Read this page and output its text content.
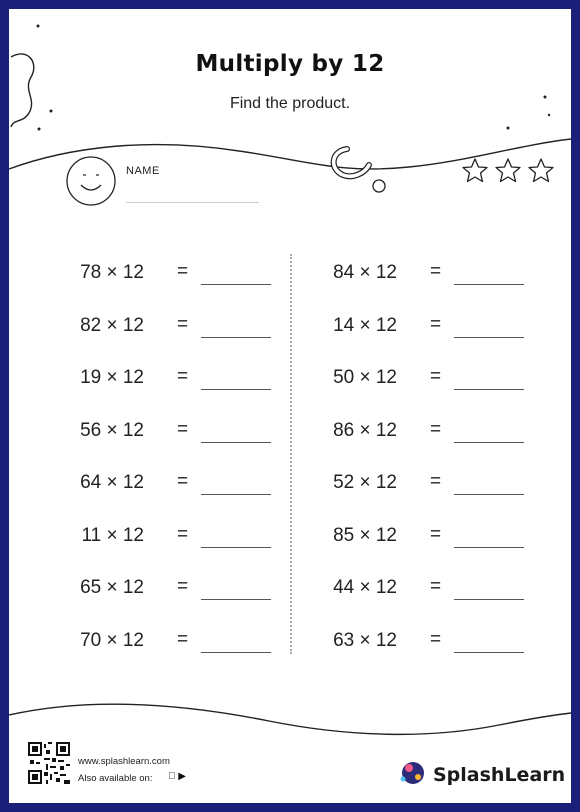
Multiply by 12
Find the product.
NAME
78 × 12 =
82 × 12 =
19 × 12 =
56 × 12 =
64 × 12 =
11 × 12 =
65 × 12 =
70 × 12 =
84 × 12 =
14 × 12 =
50 × 12 =
86 × 12 =
52 × 12 =
85 × 12 =
44 × 12 =
63 × 12 =
www.splashlearn.com
Also available on: ▶	SplashLearn
